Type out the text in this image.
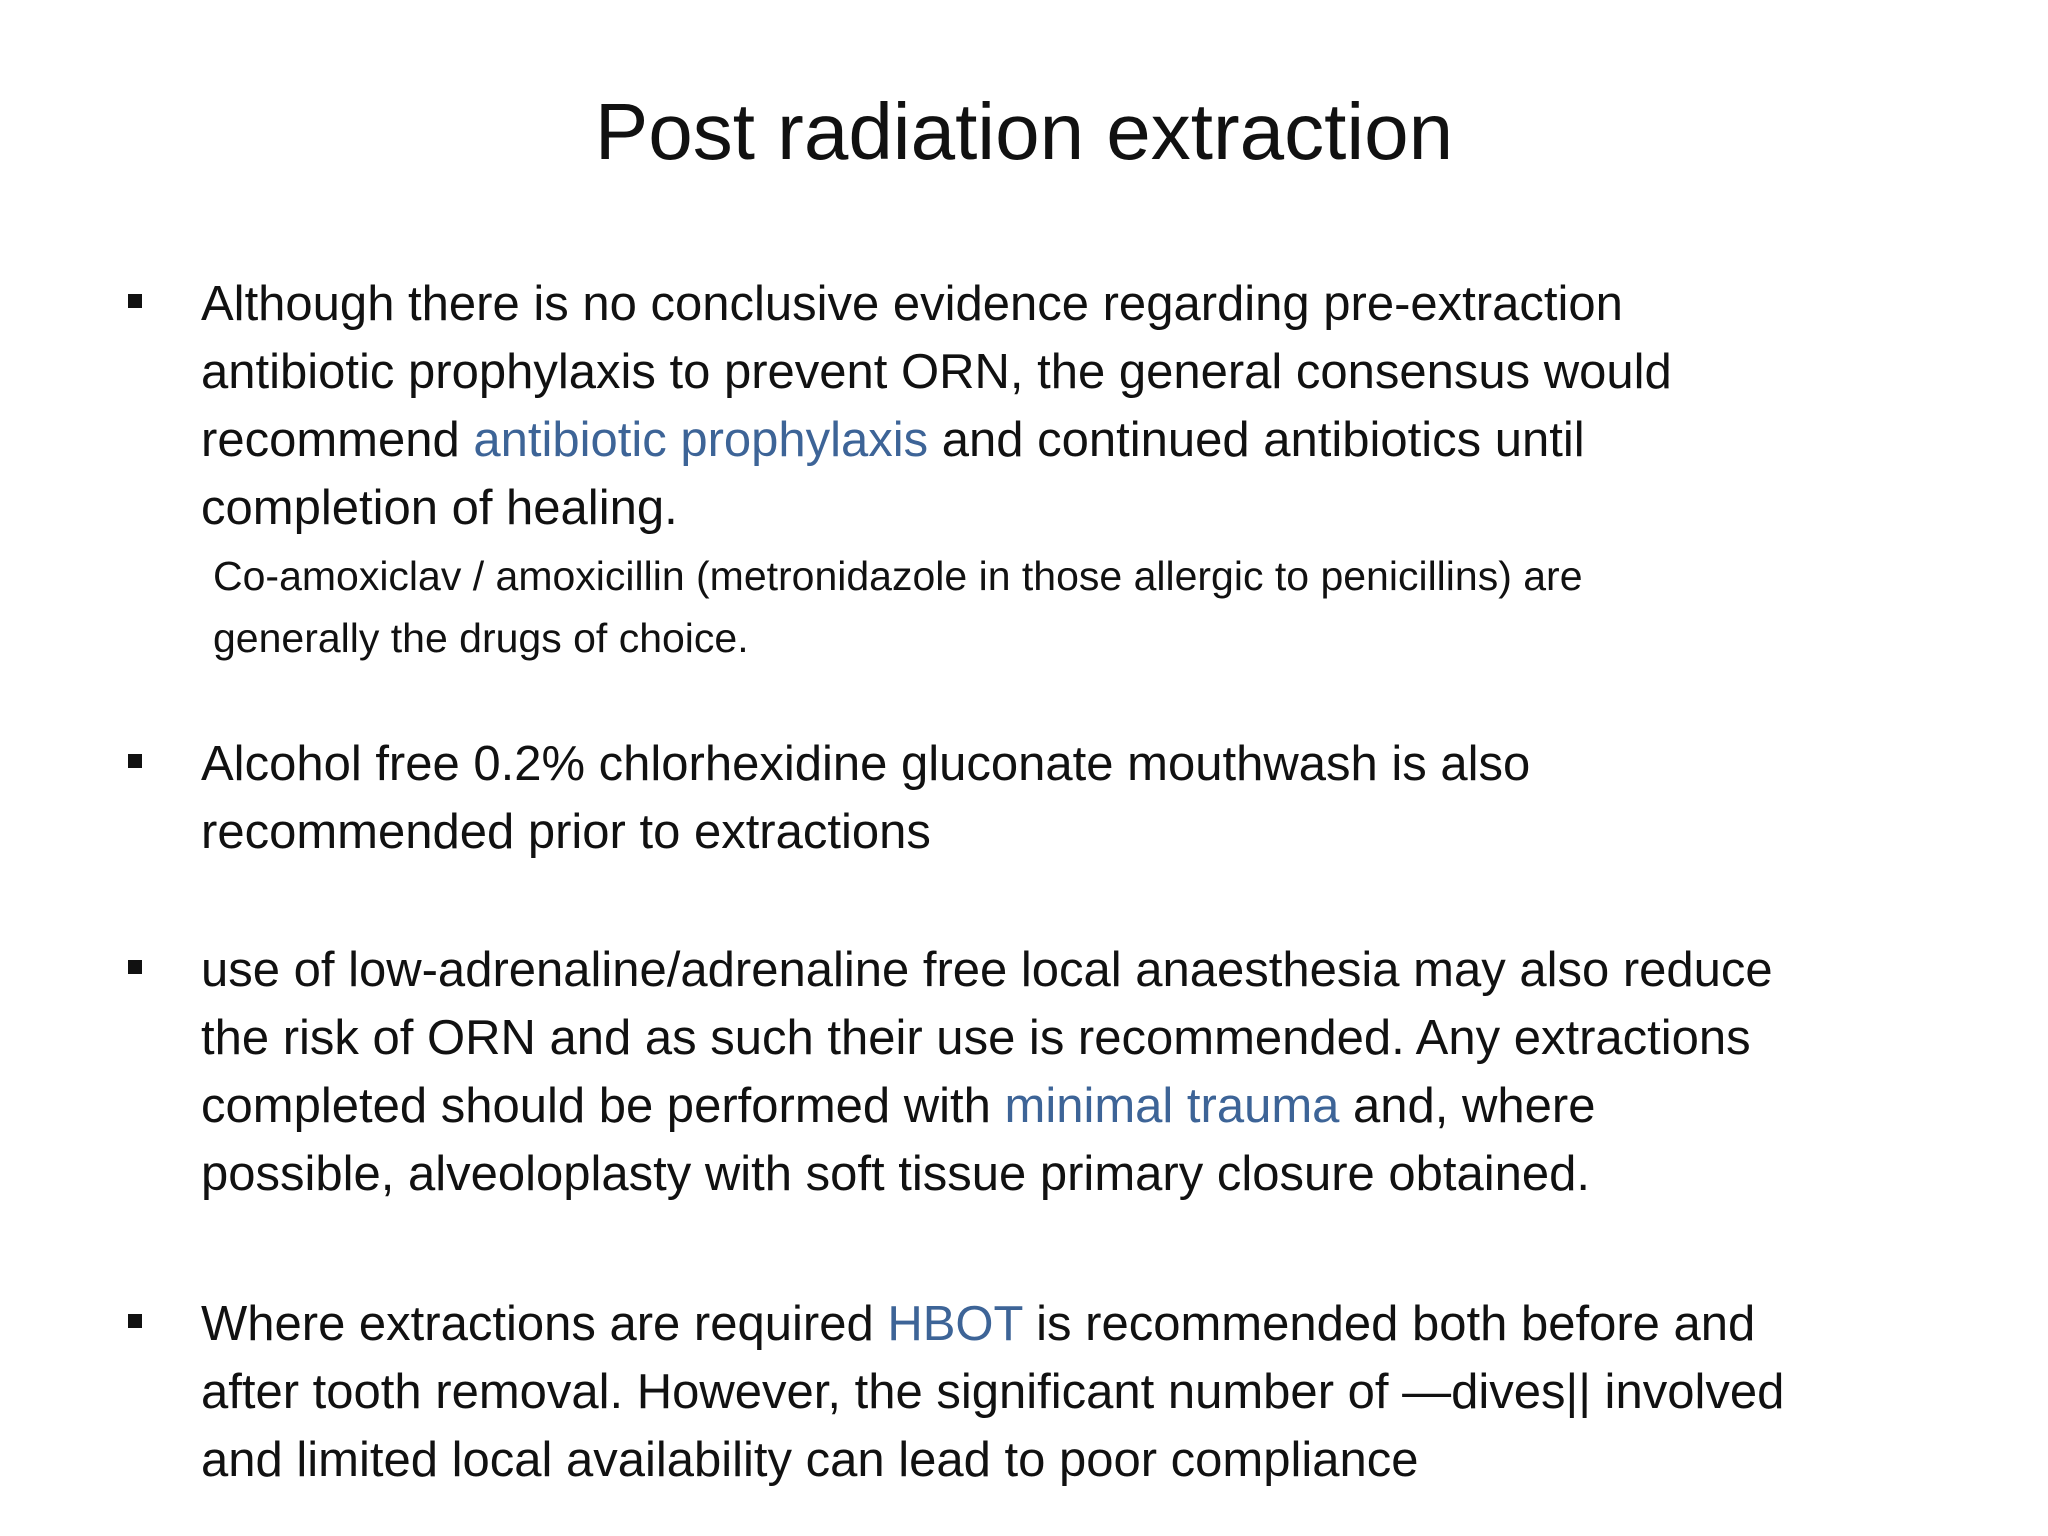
Post radiation extraction
Although there is no conclusive evidence regarding pre-extraction
antibiotic prophylaxis to prevent ORN, the general consensus would
recommend antibiotic prophylaxis and continued antibiotics until
completion of healing.
Co-amoxiclav / amoxicillin (metronidazole in those allergic to penicillins) are
generally the drugs of choice.
Alcohol free 0.2% chlorhexidine gluconate mouthwash is also
recommended prior to extractions
use of low-adrenaline/adrenaline free local anaesthesia may also reduce
the risk of ORN and as such their use is recommended. Any extractions
completed should be performed with minimal trauma and, where
possible, alveoloplasty with soft tissue primary closure obtained.
Where extractions are required HBOT is recommended both before and
after tooth removal. However, the significant number of —dives|| involved
and limited local availability can lead to poor compliance
